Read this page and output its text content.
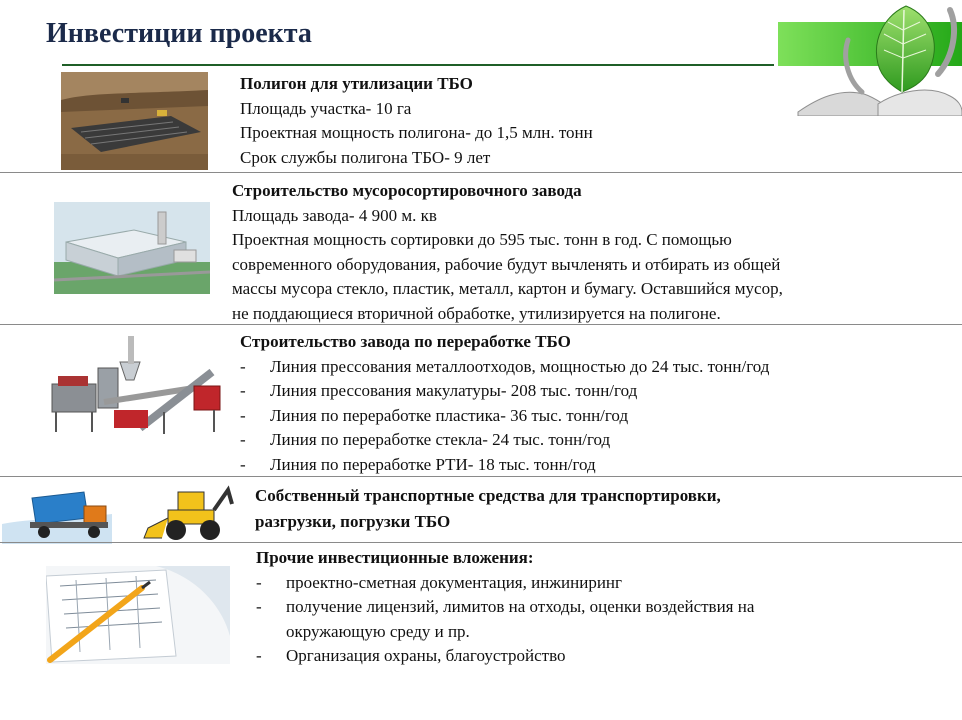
Инвестиции проекта
Полигон для утилизации ТБО
Площадь участка- 10 га
Проектная мощность полигона- до 1,5 млн. тонн
Срок службы полигона ТБО- 9 лет
Строительство мусоросортировочного завода
Площадь завода- 4 900 м. кв
Проектная мощность сортировки до 595 тыс. тонн в год. С помощью
современного оборудования, рабочие будут вычленять и отбирать из общей
массы мусора стекло, пластик, металл, картон и бумагу. Оставшийся мусор,
не поддающиеся вторичной обработке, утилизируется на полигоне.
Строительство завода по переработке ТБО
-	Линия прессования металлоотходов, мощностью до 24 тыс. тонн/год
-	Линия прессования макулатуры- 208 тыс. тонн/год
-	Линия по переработке пластика- 36 тыс. тонн/год
-	Линия по переработке стекла- 24 тыс. тонн/год
-	Линия по переработке РТИ- 18 тыс. тонн/год
Собственный транспортные средства для транспортировки,
разгрузки, погрузки ТБО
Прочие инвестиционные вложения:
-	проектно-сметная документация, инжиниринг
-	получение лицензий, лимитов на отходы, оценки воздействия на
окружающую среду и пр.
-	Организация охраны, благоустройство
